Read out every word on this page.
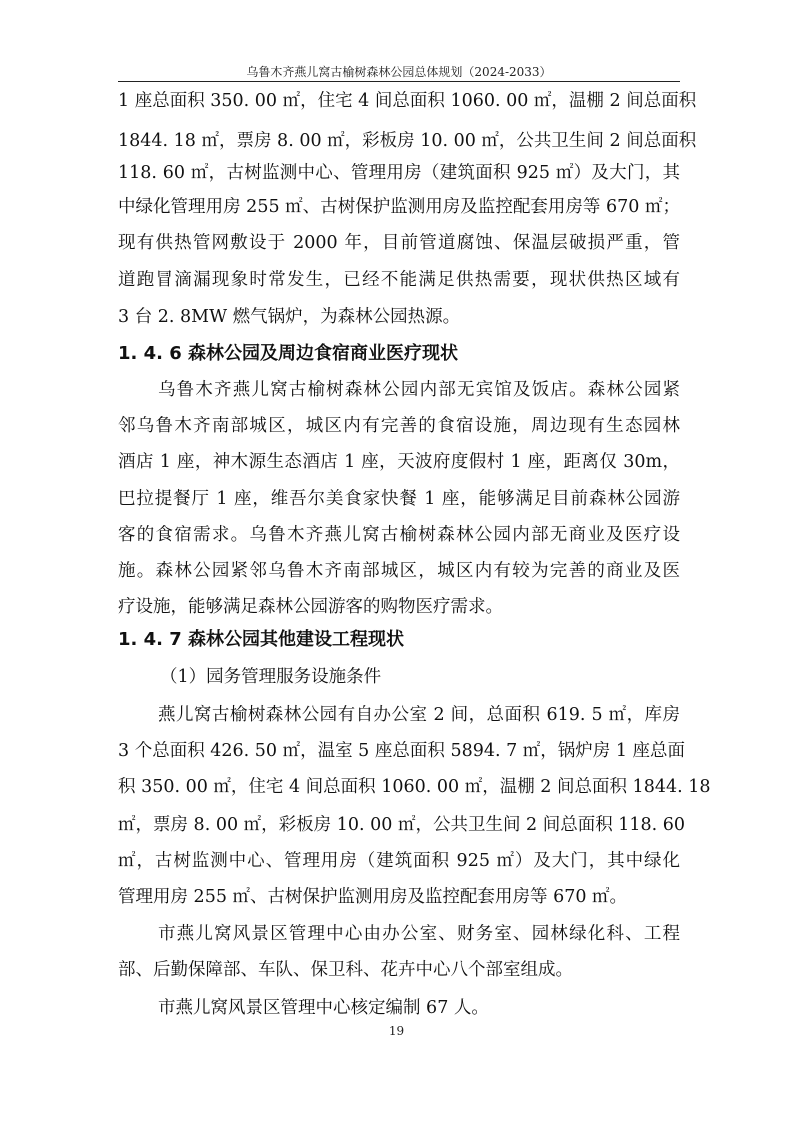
乌鲁木齐燕儿窝古榆树森林公园总体规划（2024-2033）
1 座总面积 350. 00 ㎡，住宅 4 间总面积 1060. 00 ㎡，温棚 2 间总面积
1844. 18 ㎡，票房 8. 00 ㎡，彩板房 10. 00 ㎡，公共卫生间 2 间总面积
118. 60 ㎡，古树监测中心、管理用房（建筑面积 925 ㎡）及大门，其
中绿化管理用房 255 ㎡、古树保护监测用房及监控配套用房等 670 ㎡；
现有供热管网敷设于 2000 年，目前管道腐蚀、保温层破损严重，管
道跑冒滴漏现象时常发生，已经不能满足供热需要，现状供热区域有
3 台 2. 8MW 燃气锅炉，为森林公园热源。
1. 4. 6 森林公园及周边食宿商业医疗现状
乌鲁木齐燕儿窝古榆树森林公园内部无宾馆及饭店。森林公园紧
邻乌鲁木齐南部城区，城区内有完善的食宿设施，周边现有生态园林
酒店 1 座，神木源生态酒店 1 座，天波府度假村 1 座，距离仅 30m，
巴拉提餐厅 1 座，维吾尔美食家快餐 1 座，能够满足目前森林公园游
客的食宿需求。乌鲁木齐燕儿窝古榆树森林公园内部无商业及医疗设
施。森林公园紧邻乌鲁木齐南部城区，城区内有较为完善的商业及医
疗设施，能够满足森林公园游客的购物医疗需求。
1. 4. 7 森林公园其他建设工程现状
（1）园务管理服务设施条件
燕儿窝古榆树森林公园有自办公室 2 间，总面积 619. 5 ㎡，库房
3 个总面积 426. 50 ㎡，温室 5 座总面积 5894. 7 ㎡，锅炉房 1 座总面
积 350. 00 ㎡，住宅 4 间总面积 1060. 00 ㎡，温棚 2 间总面积 1844. 18
㎡，票房 8. 00 ㎡，彩板房 10. 00 ㎡，公共卫生间 2 间总面积 118. 60
㎡，古树监测中心、管理用房（建筑面积 925 ㎡）及大门，其中绿化
管理用房 255 ㎡、古树保护监测用房及监控配套用房等 670 ㎡。
市燕儿窝风景区管理中心由办公室、财务室、园林绿化科、工程
部、后勤保障部、车队、保卫科、花卉中心八个部室组成。
市燕儿窝风景区管理中心核定编制 67 人。
19
